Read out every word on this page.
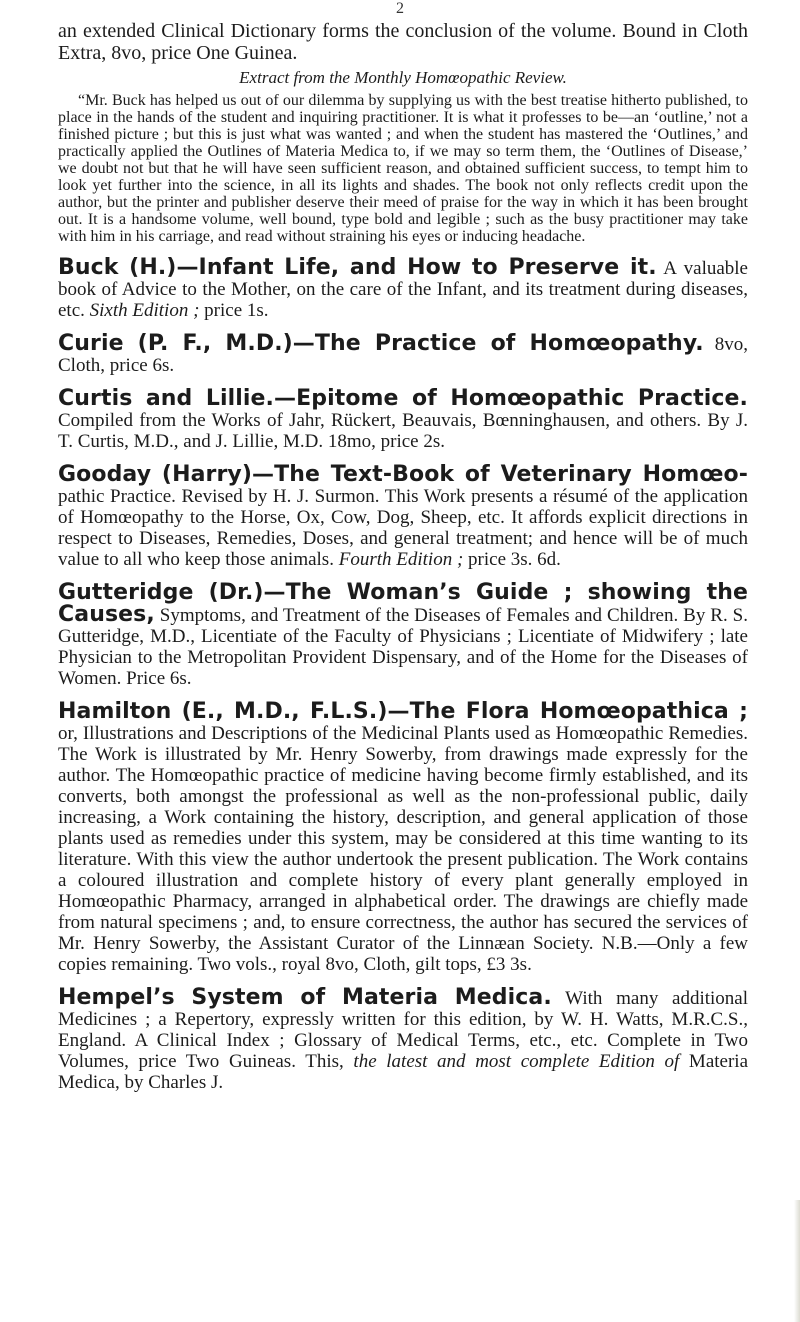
2

an extended Clinical Dictionary forms the conclusion of the volume. Bound in Cloth Extra, 8vo, price One Guinea.

Extract from the Monthly Homœopathic Review.

“Mr. Buck has helped us out of our dilemma by supplying us with the best treatise hitherto published, to place in the hands of the student and inquiring practitioner. It is what it professes to be—an ‘outline,’ not a finished picture ; but this is just what was wanted ; and when the student has mastered the ‘Outlines,’ and practically applied the Outlines of Materia Medica to, if we may so term them, the ‘Outlines of Disease,’ we doubt not but that he will have seen sufficient reason, and obtained sufficient success, to tempt him to look yet further into the science, in all its lights and shades. The book not only reflects credit upon the author, but the printer and publisher deserve their meed of praise for the way in which it has been brought out. It is a handsome volume, well bound, type bold and legible ; such as the busy practitioner may take with him in his carriage, and read without straining his eyes or inducing headache.

Buck (H.)—Infant Life, and How to Preserve it. A valuable book of Advice to the Mother, on the care of the Infant, and its treatment during diseases, etc. Sixth Edition ; price 1s.

Curie (P. F., M.D.)—The Practice of Homœopathy. 8vo, Cloth, price 6s.

Curtis and Lillie.—Epitome of Homœopathic Practice. Compiled from the Works of Jahr, Rückert, Beauvais, Bœnninghausen, and others. By J. T. Curtis, M.D., and J. Lillie, M.D. 18mo, price 2s.

Gooday (Harry)—The Text-Book of Veterinary Homœo- pathic Practice. Revised by H. J. Surmon. This Work presents a résumé of the application of Homœopathy to the Horse, Ox, Cow, Dog, Sheep, etc. It affords explicit directions in respect to Diseases, Remedies, Doses, and general treatment; and hence will be of much value to all who keep those animals. Fourth Edition ; price 3s. 6d.

Gutteridge (Dr.)—The Woman’s Guide ; showing the Causes, Symptoms, and Treatment of the Diseases of Females and Children. By R. S. Gutteridge, M.D., Licentiate of the Faculty of Physicians ; Licentiate of Midwifery ; late Physician to the Metropolitan Provident Dispensary, and of the Home for the Diseases of Women. Price 6s.

Hamilton (E., M.D., F.L.S.)—The Flora Homœopathica ; or, Illustrations and Descriptions of the Medicinal Plants used as Homœopathic Remedies. The Work is illustrated by Mr. Henry Sowerby, from drawings made expressly for the author. The Homœopathic practice of medicine having become firmly established, and its converts, both amongst the professional as well as the non-professional public, daily increasing, a Work containing the history, description, and general application of those plants used as remedies under this system, may be considered at this time wanting to its literature. With this view the author undertook the present publication. The Work contains a coloured illustration and complete history of every plant generally employed in Homœopathic Pharmacy, arranged in alphabetical order. The drawings are chiefly made from natural specimens ; and, to ensure correctness, the author has secured the services of Mr. Henry Sowerby, the Assistant Curator of the Linnæan Society. N.B.—Only a few copies remaining. Two vols., royal 8vo, Cloth, gilt tops, £3 3s.

Hempel’s System of Materia Medica. With many additional Medicines ; a Repertory, expressly written for this edition, by W. H. Watts, M.R.C.S., England. A Clinical Index ; Glossary of Medical Terms, etc., etc. Complete in Two Volumes, price Two Guineas. This, the latest and most complete Edition of Materia Medica, by Charles J.
